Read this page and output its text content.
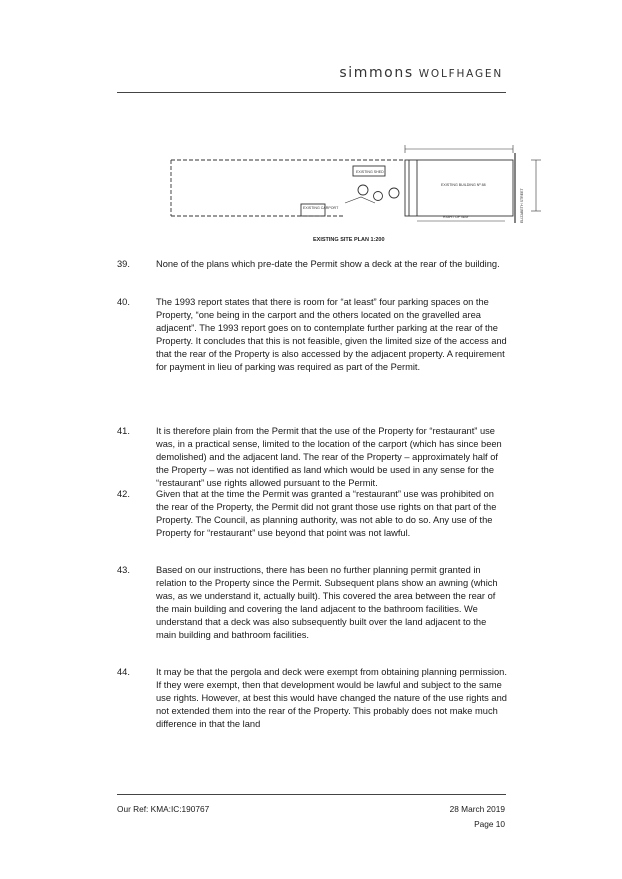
simmons WOLFHAGEN
EXISTING SHED
EXISTING CARPORT
EXISTING BUILDING Nº 88
RIGHT OF WAY	ELIZABETH STREET
EXISTING SITE PLAN 1:200
39.	None of the plans which pre-date the Permit show a deck at the rear of the building.
40.	The 1993 report states that there is room for “at least” four parking spaces on the Property, “one being in the carport and the others located on the gravelled area adjacent”. The 1993 report goes on to contemplate further parking at the rear of the Property. It concludes that this is not feasible, given the limited size of the access and that the rear of the Property is also accessed by the adjacent property. A requirement for payment in lieu of parking was required as part of the Permit.
41.	It is therefore plain from the Permit that the use of the Property for “restaurant” use was, in a practical sense, limited to the location of the carport (which has since been demolished) and the adjacent land. The rear of the Property – approximately half of the Property – was not identified as land which would be used in any sense for the “restaurant” use rights allowed pursuant to the Permit.
42.	Given that at the time the Permit was granted a “restaurant” use was prohibited on the rear of the Property, the Permit did not grant those use rights on that part of the Property. The Council, as planning authority, was not able to do so. Any use of the Property for “restaurant” use beyond that point was not lawful.
43.	Based on our instructions, there has been no further planning permit granted in relation to the Property since the Permit. Subsequent plans show an awning (which was, as we understand it, actually built). This covered the area between the rear of the main building and covering the land adjacent to the bathroom facilities. We understand that a deck was also subsequently built over the land adjacent to the main building and bathroom facilities.
44.	It may be that the pergola and deck were exempt from obtaining planning permission. If they were exempt, then that development would be lawful and subject to the same use rights. However, at best this would have changed the nature of the use rights and not extended them into the rear of the Property. This probably does not make much difference in that the land
Our Ref: KMA:IC:190767	28 March 2019
Page 10
